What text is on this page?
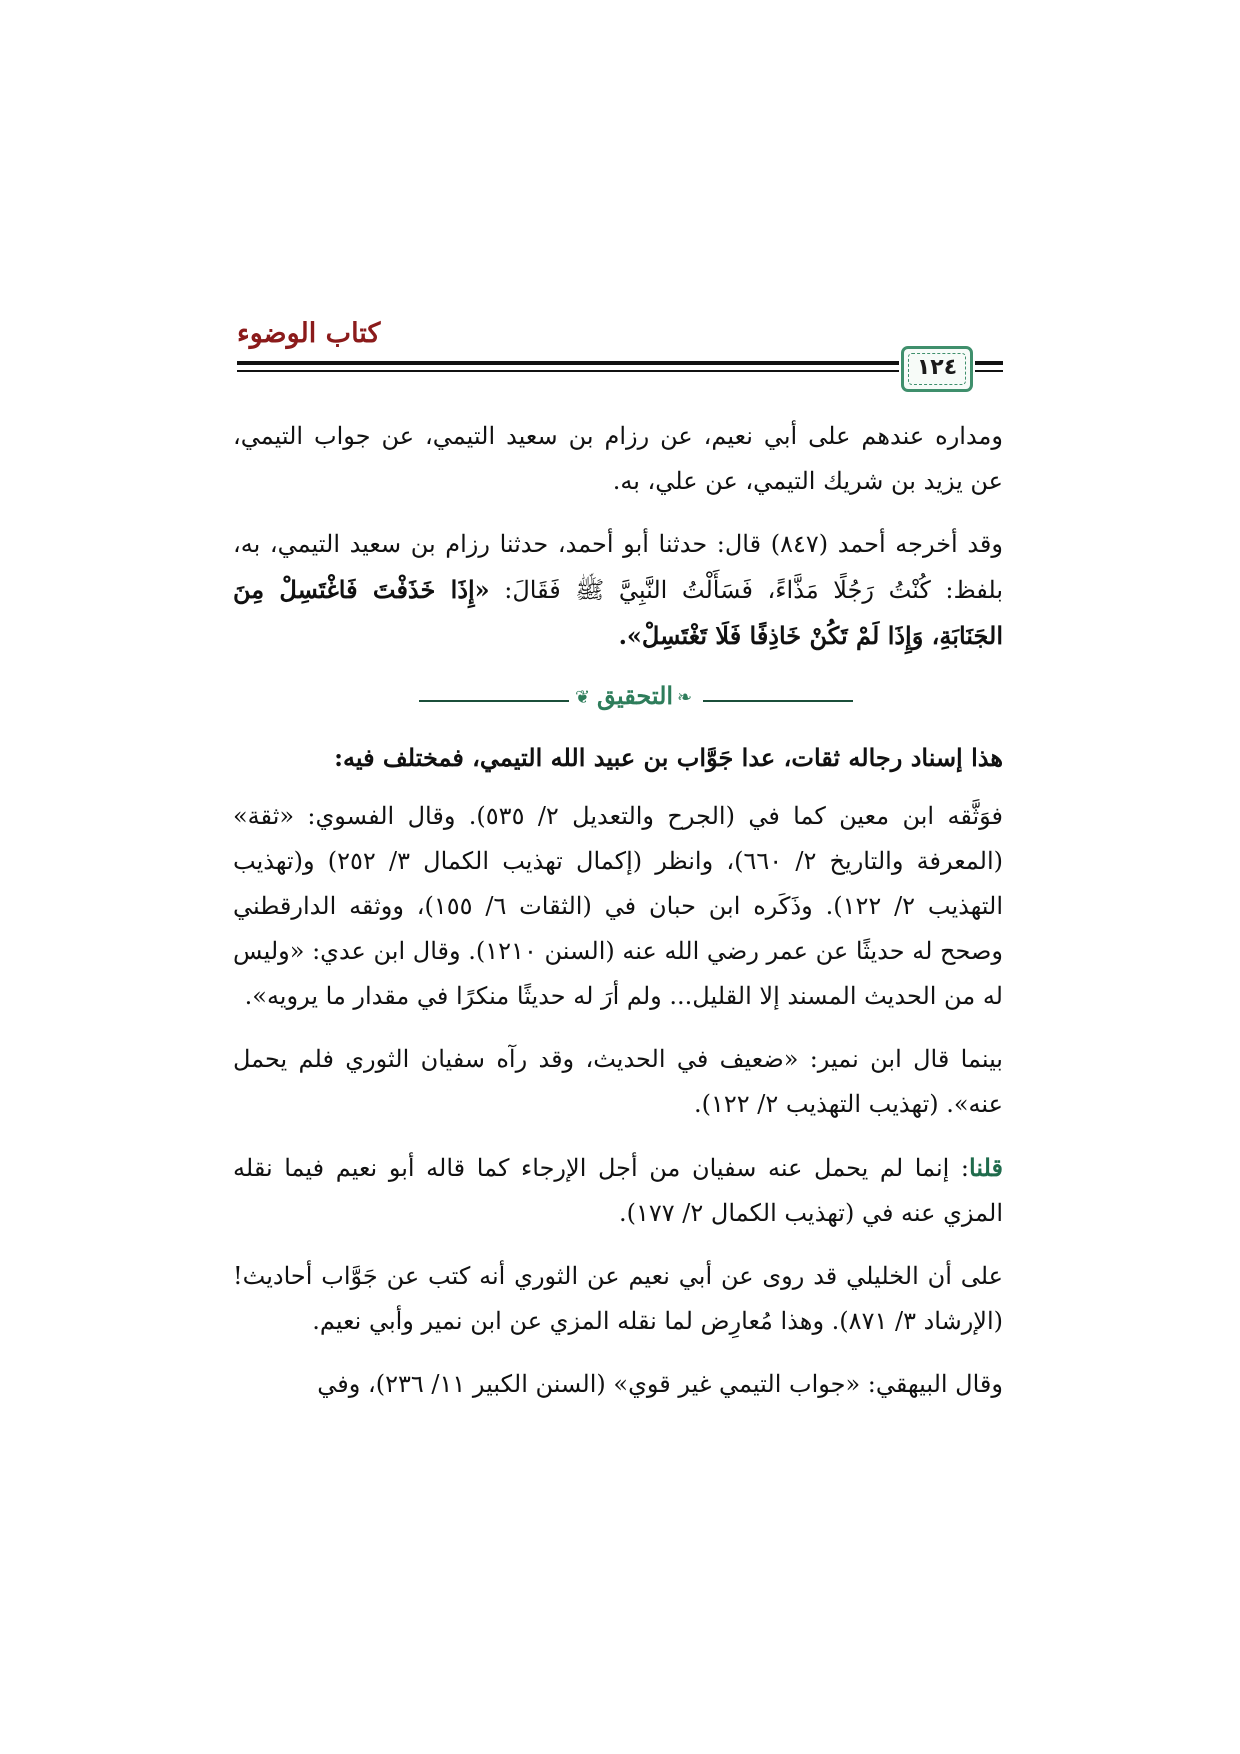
كتاب الوضوء
١٢٤

ومداره عندهم على أبي نعيم، عن رزام بن سعيد التيمي، عن جواب التيمي، عن يزيد بن شريك التيمي، عن علي، به.

وقد أخرجه أحمد (٨٤٧) قال: حدثنا أبو أحمد، حدثنا رزام بن سعيد التيمي، به، بلفظ: كُنْتُ رَجُلًا مَذَّاءً، فَسَأَلْتُ النَّبِيَّ ﷺ فَقَالَ: «إِذَا خَذَفْتَ فَاغْتَسِلْ مِنَ الجَنَابَةِ، وَإِذَا لَمْ تَكُنْ خَاذِفًا فَلَا تَغْتَسِلْ».

❦ التحقيق ❧

هذا إسناد رجاله ثقات، عدا جَوَّاب بن عبيد الله التيمي، فمختلف فيه:

فوَثَّقه ابن معين كما في (الجرح والتعديل ٢/ ٥٣٥). وقال الفسوي: «ثقة» (المعرفة والتاريخ ٢/ ٦٦٠)، وانظر (إكمال تهذيب الكمال ٣/ ٢٥٢) و(تهذيب التهذيب ٢/ ١٢٢). وذَكَره ابن حبان في (الثقات ٦/ ١٥٥)، ووثقه الدارقطني وصحح له حديثًا عن عمر رضي الله عنه (السنن ١٢١٠). وقال ابن عدي: «وليس له من الحديث المسند إلا القليل... ولم أرَ له حديثًا منكرًا في مقدار ما يرويه».

بينما قال ابن نمير: «ضعيف في الحديث، وقد رآه سفيان الثوري فلم يحمل عنه». (تهذيب التهذيب ٢/ ١٢٢).

قلنا: إنما لم يحمل عنه سفيان من أجل الإرجاء كما قاله أبو نعيم فيما نقله المزي عنه في (تهذيب الكمال ٢/ ١٧٧).

على أن الخليلي قد روى عن أبي نعيم عن الثوري أنه كتب عن جَوَّاب أحاديث! (الإرشاد ٣/ ٨٧١). وهذا مُعارِض لما نقله المزي عن ابن نمير وأبي نعيم.

وقال البيهقي: «جواب التيمي غير قوي» (السنن الكبير ١١/ ٢٣٦)، وفي
